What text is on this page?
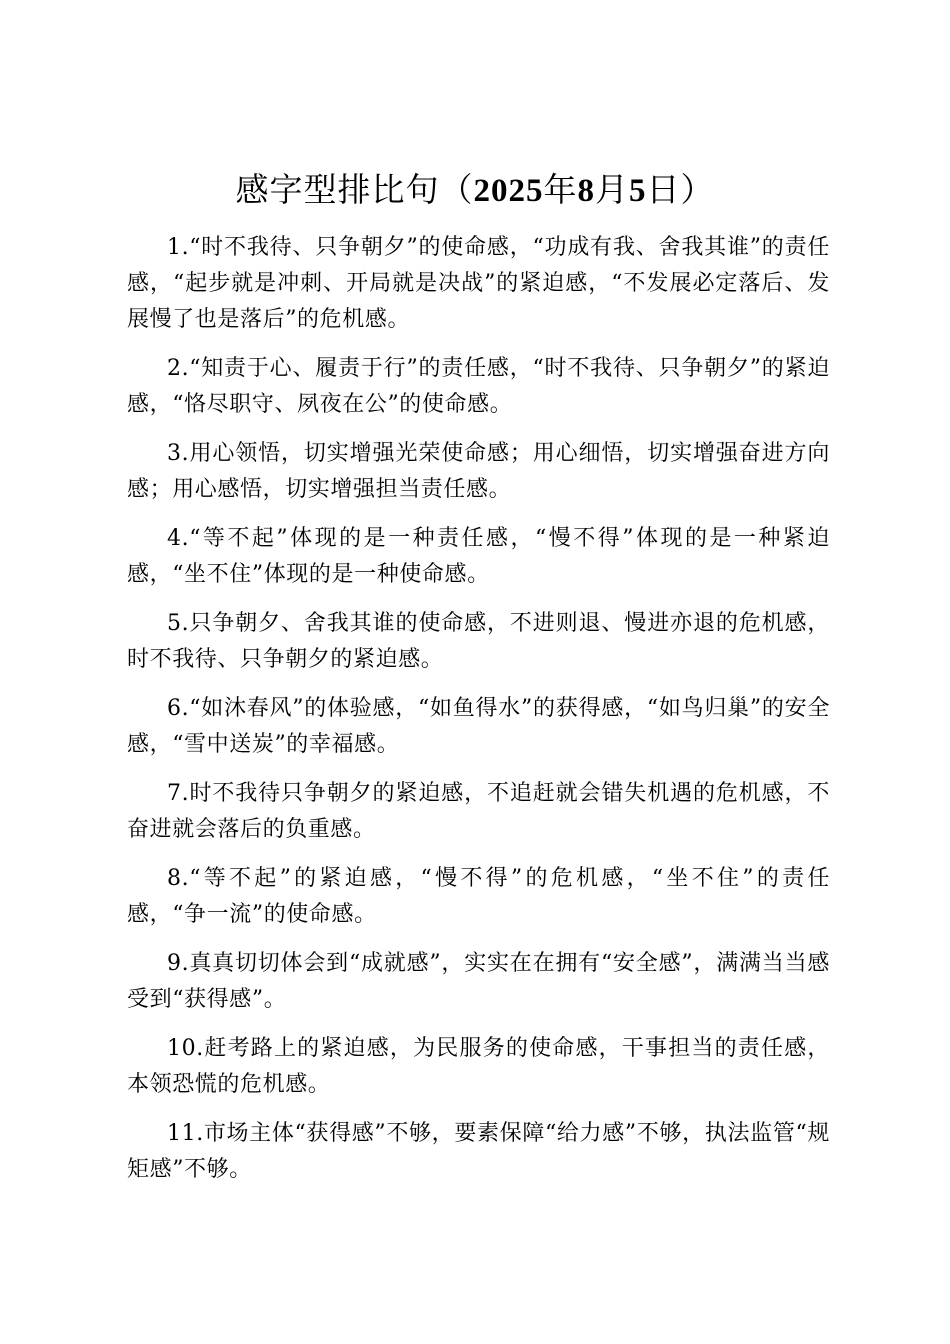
感字型排比句（2025年8月5日）

1.“时不我待、只争朝夕”的使命感，“功成有我、舍我其谁”的责任感，“起步就是冲刺、开局就是决战”的紧迫感，“不发展必定落后、发展慢了也是落后”的危机感。

2.“知责于心、履责于行”的责任感，“时不我待、只争朝夕”的紧迫感，“恪尽职守、夙夜在公”的使命感。

3.用心领悟，切实增强光荣使命感；用心细悟，切实增强奋进方向感；用心感悟，切实增强担当责任感。

4.“等不起”体现的是一种责任感，“慢不得”体现的是一种紧迫感，“坐不住”体现的是一种使命感。

5.只争朝夕、舍我其谁的使命感，不进则退、慢进亦退的危机感，时不我待、只争朝夕的紧迫感。

6.“如沐春风”的体验感，“如鱼得水”的获得感，“如鸟归巢”的安全感，“雪中送炭”的幸福感。

7.时不我待只争朝夕的紧迫感，不追赶就会错失机遇的危机感，不奋进就会落后的负重感。

8.“等不起”的紧迫感，“慢不得”的危机感，“坐不住”的责任感，“争一流”的使命感。

9.真真切切体会到“成就感”，实实在在拥有“安全感”，满满当当感受到“获得感”。

10.赶考路上的紧迫感，为民服务的使命感，干事担当的责任感，本领恐慌的危机感。

11.市场主体“获得感”不够，要素保障“给力感”不够，执法监管“规矩感”不够。
